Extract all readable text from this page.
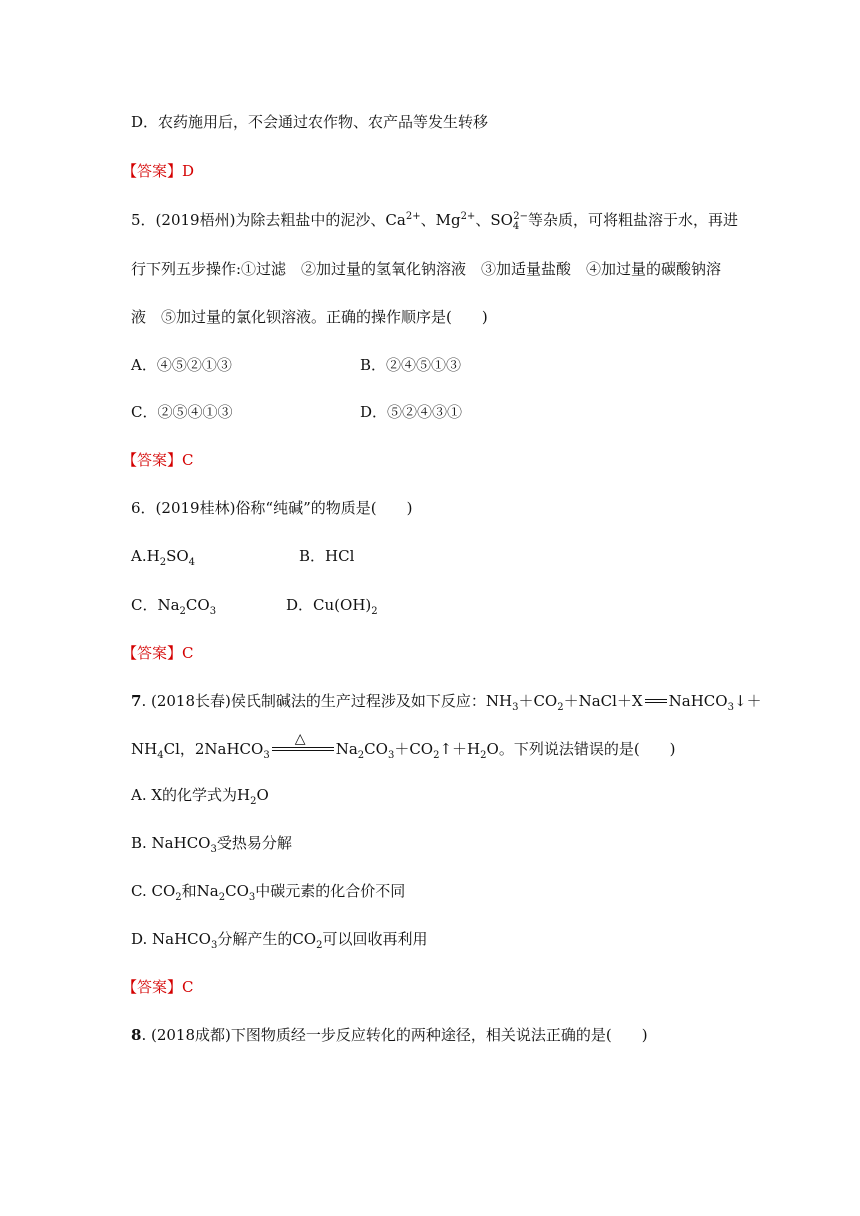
D．农药施用后，不会通过农作物、农产品等发生转移
【答案】D
5．(2019梧州)为除去粗盐中的泥沙、$Ca^{2+}$、$Mg^{2+}$、$SO_4^{2-}$等杂质，可将粗盐溶于水，再进
行下列五步操作:①过滤　②加过量的氢氧化钠溶液　③加适量盐酸　④加过量的碳酸钠溶
液　⑤加过量的氯化钡溶液。正确的操作顺序是(　　)
A．④⑤②①③	B．②④⑤①③
C．②⑤④①③	D．⑤②④③①
【答案】C
6．(2019桂林)俗称“纯碱”的物质是(　　)
$A.H_2SO_4$	B．HCl
C．$Na_2CO_3$	D．$Cu(OH)_2$
【答案】C
7. (2018长春)侯氏制碱法的生产过程涉及如下反应：$NH_3+CO_2+NaCl+X$ NaHCO$_3$↓＋
$NH_4Cl$，2NaHCO$_3$
△
$Na_2CO_3+CO_2↑+H_2O$。下列说法错误的是(　　)
A. X的化学式为$H_2O$
B. NaHCO$_3$受热易分解
C. $CO_2$和$Na_2CO_3$中碳元素的化合价不同
D. NaHCO$_3$分解产生的$CO_2$可以回收再利用
【答案】C
8. (2018成都)下图物质经一步反应转化的两种途径，相关说法正确的是(　　)
